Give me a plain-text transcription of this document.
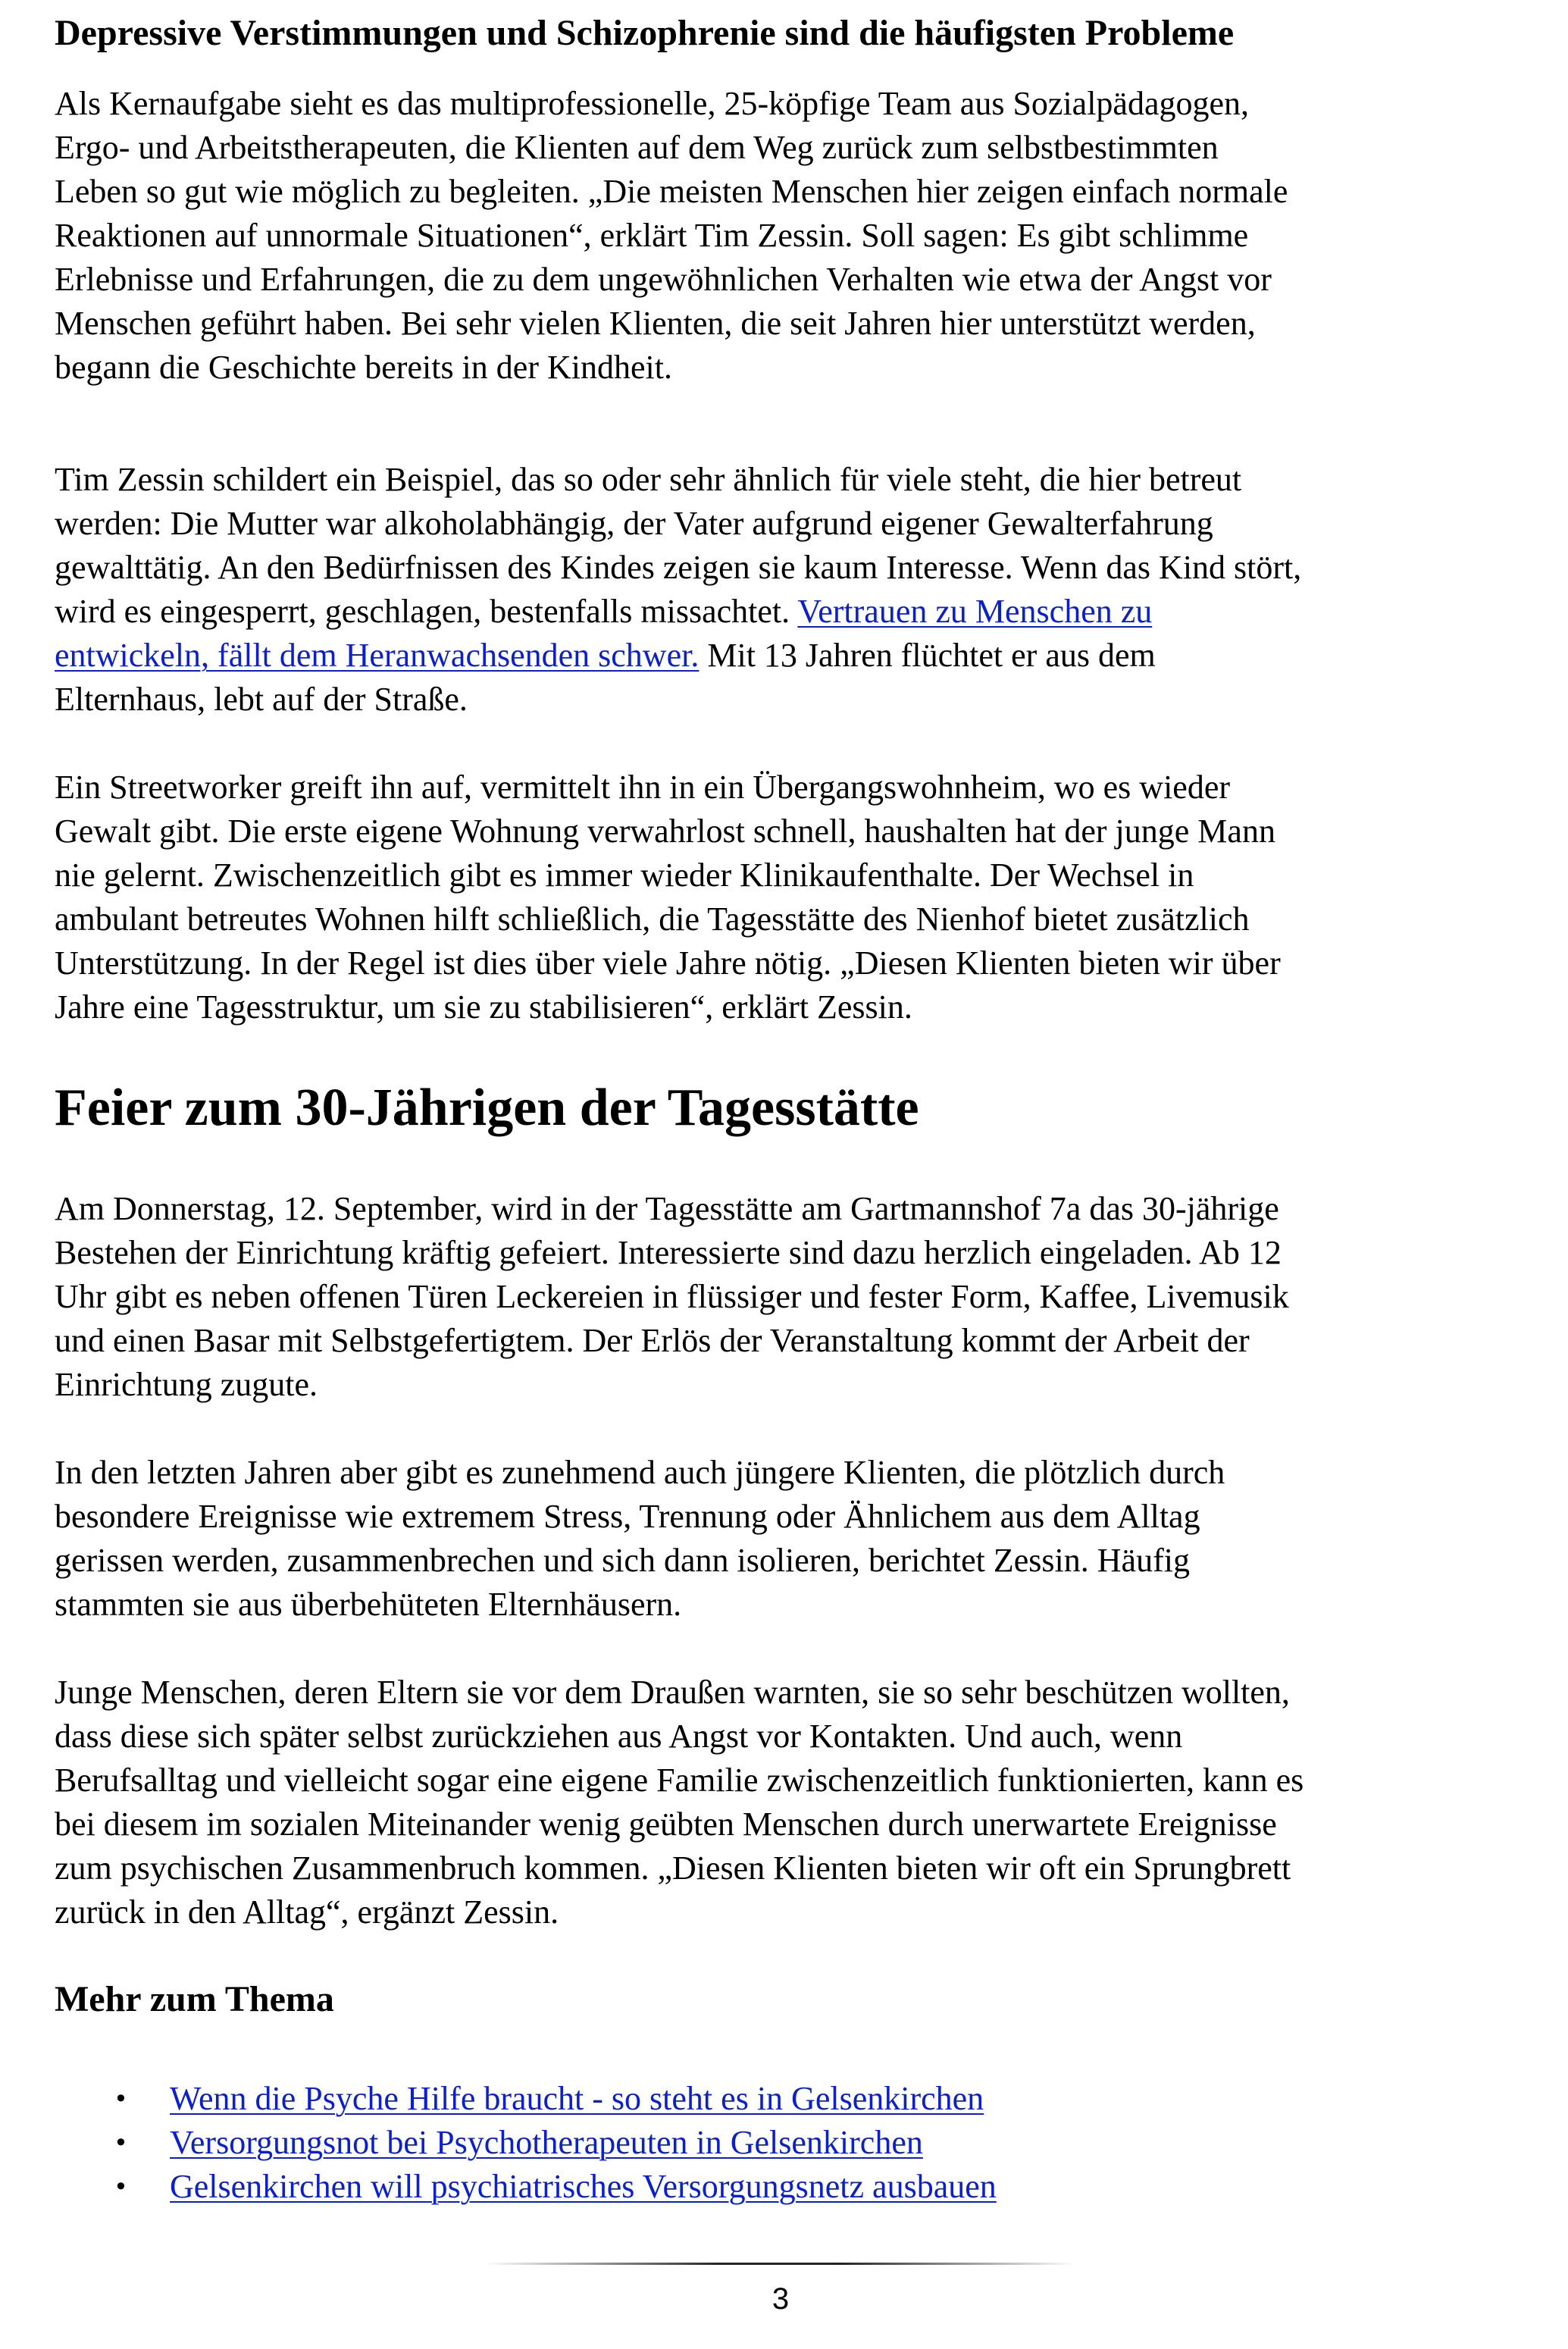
Depressive Verstimmungen und Schizophrenie sind die häufigsten Probleme
Als Kernaufgabe sieht es das multiprofessionelle, 25-köpfige Team aus Sozialpädagogen,
Ergo- und Arbeitstherapeuten, die Klienten auf dem Weg zurück zum selbstbestimmten
Leben so gut wie möglich zu begleiten. „Die meisten Menschen hier zeigen einfach normale
Reaktionen auf unnormale Situationen“, erklärt Tim Zessin. Soll sagen: Es gibt schlimme
Erlebnisse und Erfahrungen, die zu dem ungewöhnlichen Verhalten wie etwa der Angst vor
Menschen geführt haben. Bei sehr vielen Klienten, die seit Jahren hier unterstützt werden,
begann die Geschichte bereits in der Kindheit.
Tim Zessin schildert ein Beispiel, das so oder sehr ähnlich für viele steht, die hier betreut
werden: Die Mutter war alkoholabhängig, der Vater aufgrund eigener Gewalterfahrung
gewalttätig. An den Bedürfnissen des Kindes zeigen sie kaum Interesse. Wenn das Kind stört,
wird es eingesperrt, geschlagen, bestenfalls missachtet. Vertrauen zu Menschen zu
entwickeln, fällt dem Heranwachsenden schwer. Mit 13 Jahren flüchtet er aus dem
Elternhaus, lebt auf der Straße.
Ein Streetworker greift ihn auf, vermittelt ihn in ein Übergangswohnheim, wo es wieder
Gewalt gibt. Die erste eigene Wohnung verwahrlost schnell, haushalten hat der junge Mann
nie gelernt. Zwischenzeitlich gibt es immer wieder Klinikaufenthalte. Der Wechsel in
ambulant betreutes Wohnen hilft schließlich, die Tagesstätte des Nienhof bietet zusätzlich
Unterstützung. In der Regel ist dies über viele Jahre nötig. „Diesen Klienten bieten wir über
Jahre eine Tagesstruktur, um sie zu stabilisieren“, erklärt Zessin.
Feier zum 30-Jährigen der Tagesstätte
Am Donnerstag, 12. September, wird in der Tagesstätte am Gartmannshof 7a das 30-jährige
Bestehen der Einrichtung kräftig gefeiert. Interessierte sind dazu herzlich eingeladen. Ab 12
Uhr gibt es neben offenen Türen Leckereien in flüssiger und fester Form, Kaffee, Livemusik
und einen Basar mit Selbstgefertigtem. Der Erlös der Veranstaltung kommt der Arbeit der
Einrichtung zugute.
In den letzten Jahren aber gibt es zunehmend auch jüngere Klienten, die plötzlich durch
besondere Ereignisse wie extremem Stress, Trennung oder Ähnlichem aus dem Alltag
gerissen werden, zusammenbrechen und sich dann isolieren, berichtet Zessin. Häufig
stammten sie aus überbehüteten Elternhäusern.
Junge Menschen, deren Eltern sie vor dem Draußen warnten, sie so sehr beschützen wollten,
dass diese sich später selbst zurückziehen aus Angst vor Kontakten. Und auch, wenn
Berufsalltag und vielleicht sogar eine eigene Familie zwischenzeitlich funktionierten, kann es
bei diesem im sozialen Miteinander wenig geübten Menschen durch unerwartete Ereignisse
zum psychischen Zusammenbruch kommen. „Diesen Klienten bieten wir oft ein Sprungbrett
zurück in den Alltag“, ergänzt Zessin.
Mehr zum Thema
• Wenn die Psyche Hilfe braucht - so steht es in Gelsenkirchen
• Versorgungsnot bei Psychotherapeuten in Gelsenkirchen
• Gelsenkirchen will psychiatrisches Versorgungsnetz ausbauen
3
